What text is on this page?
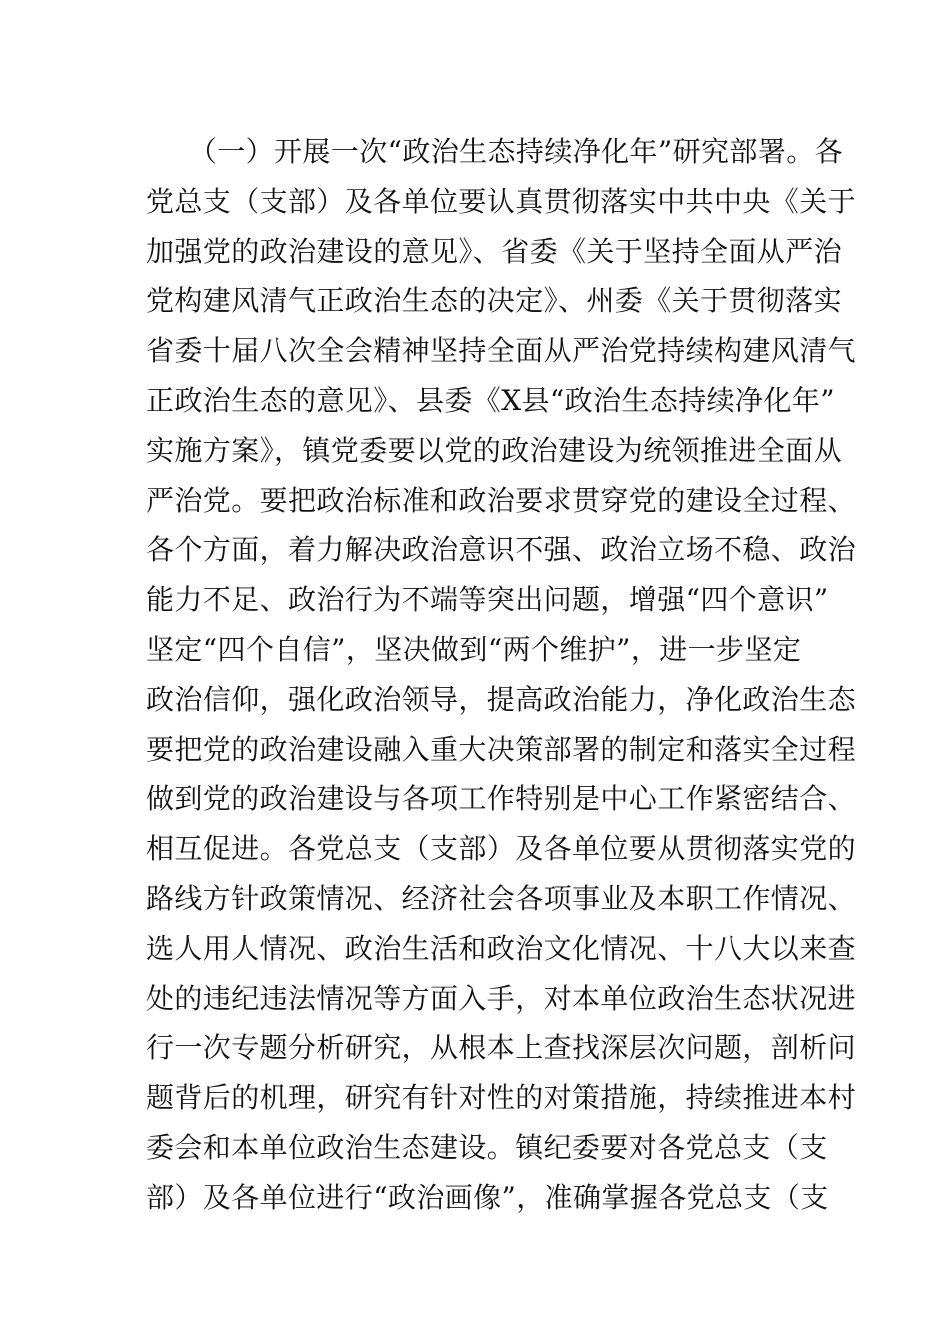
　　（一）开展一次“政治生态持续净化年”研究部署。各
党总支（支部）及各单位要认真贯彻落实中共中央《关于
加强党的政治建设的意见》、省委《关于坚持全面从严治
党构建风清气正政治生态的决定》、州委《关于贯彻落实
省委十届八次全会精神坚持全面从严治党持续构建风清气
正政治生态的意见》、县委《X县“政治生态持续净化年”
实施方案》，镇党委要以党的政治建设为统领推进全面从
严治党。要把政治标准和政治要求贯穿党的建设全过程、
各个方面，着力解决政治意识不强、政治立场不稳、政治
能力不足、政治行为不端等突出问题，增强“四个意识”
坚定“四个自信”，坚决做到“两个维护”，进一步坚定
政治信仰，强化政治领导，提高政治能力，净化政治生态
要把党的政治建设融入重大决策部署的制定和落实全过程
做到党的政治建设与各项工作特别是中心工作紧密结合、
相互促进。各党总支（支部）及各单位要从贯彻落实党的
路线方针政策情况、经济社会各项事业及本职工作情况、
选人用人情况、政治生活和政治文化情况、十八大以来查
处的违纪违法情况等方面入手，对本单位政治生态状况进
行一次专题分析研究，从根本上查找深层次问题，剖析问
题背后的机理，研究有针对性的对策措施，持续推进本村
委会和本单位政治生态建设。镇纪委要对各党总支（支
部）及各单位进行“政治画像”，准确掌握各党总支（支
